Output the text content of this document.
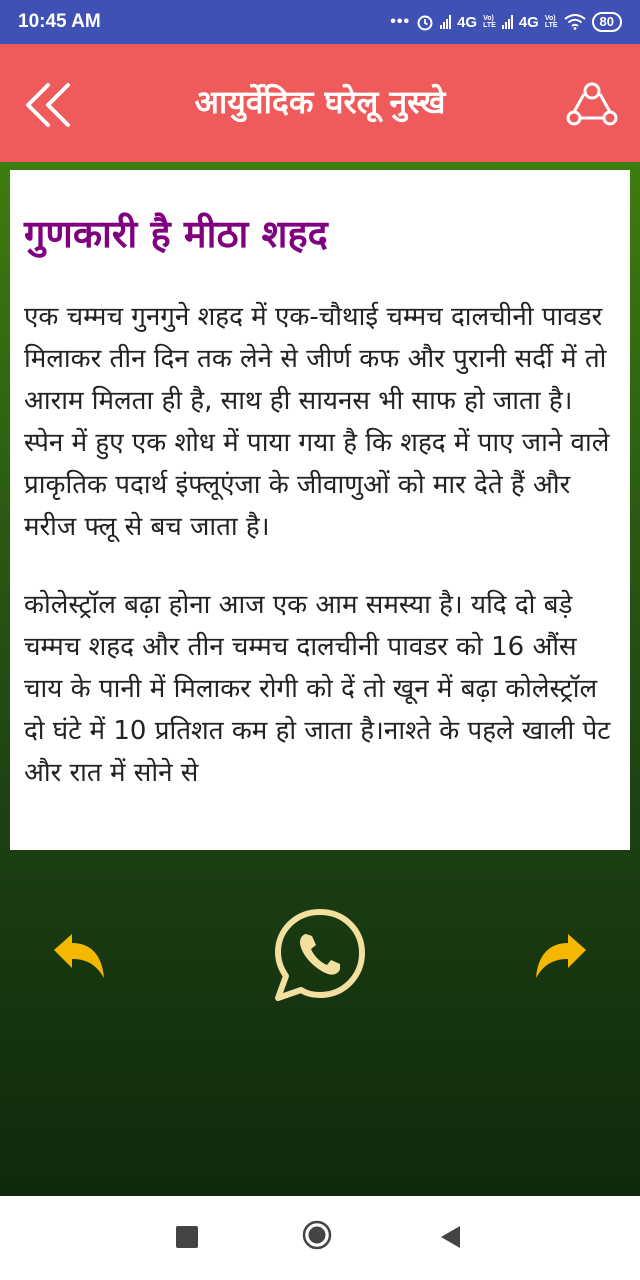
10:45 AM	•••	4G Vo)
LTE 4G Vo)
LTE	80
आयुर्वेदिक घरेलू नुस्खे
गुणकारी है मीठा शहद

एक चम्मच गुनगुने शहद में एक-चौथाई चम्मच दालचीनी पावडर मिलाकर तीन दिन तक लेने से जीर्ण कफ और पुरानी सर्दी में तो आराम मिलता ही है, साथ ही सायनस भी साफ हो जाता है। स्पेन में हुए एक शोध में पाया गया है कि शहद में पाए जाने वाले प्राकृतिक पदार्थ इंफ्लूएंजा के जीवाणुओं को मार देते हैं और मरीज फ्लू से बच जाता है।

कोलेस्ट्रॉल बढ़ा होना आज एक आम समस्या है। यदि दो बड़े चम्मच शहद और तीन चम्मच दालचीनी पावडर को 16 औंस चाय के पानी में मिलाकर रोगी को दें तो खून में बढ़ा कोलेस्ट्रॉल दो घंटे में 10 प्रतिशत कम हो जाता है।नाश्ते के पहले खाली पेट और रात में सोने से
